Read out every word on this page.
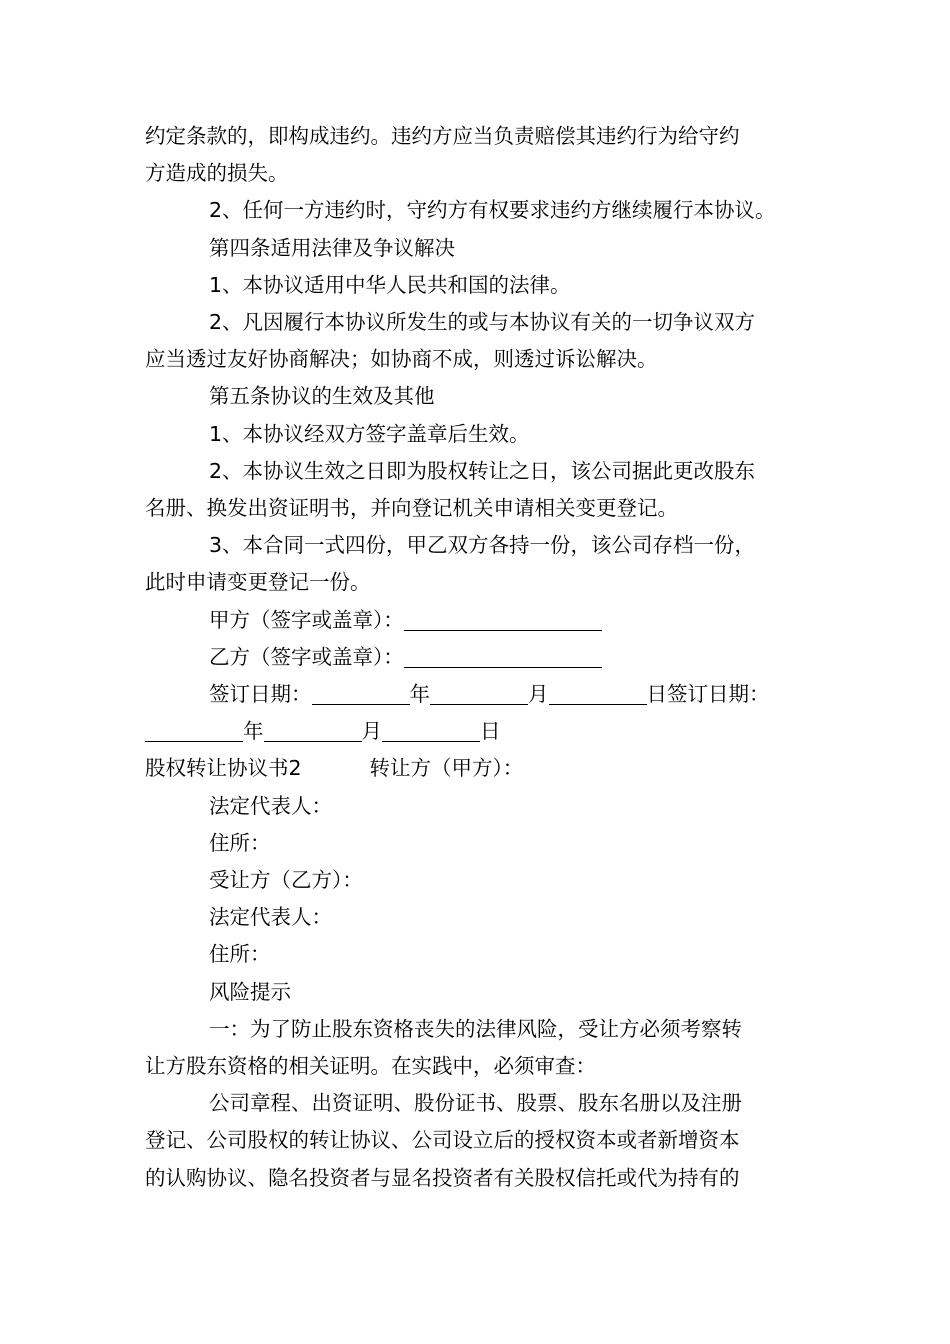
约定条款的，即构成违约。违约方应当负责赔偿其违约行为给守约

方造成的损失。

2、任何一方违约时，守约方有权要求违约方继续履行本协议。

第四条适用法律及争议解决

1、本协议适用中华人民共和国的法律。

2、凡因履行本协议所发生的或与本协议有关的一切争议双方

应当透过友好协商解决；如协商不成，则透过诉讼解决。

第五条协议的生效及其他

1、本协议经双方签字盖章后生效。

2、本协议生效之日即为股权转让之日，该公司据此更改股东

名册、换发出资证明书，并向登记机关申请相关变更登记。

3、本合同一式四份，甲乙双方各持一份，该公司存档一份，

此时申请变更登记一份。

甲方（签字或盖章）：

乙方（签字或盖章）：

签订日期：	年	月	日签订日期：

年	月	日

股权转让协议书2	转让方（甲方）：

法定代表人：

住所：

受让方（乙方）：

法定代表人：

住所：

风险提示

一：为了防止股东资格丧失的法律风险，受让方必须考察转

让方股东资格的相关证明。在实践中，必须审查：

公司章程、出资证明、股份证书、股票、股东名册以及注册

登记、公司股权的转让协议、公司设立后的授权资本或者新增资本

的认购协议、隐名投资者与显名投资者有关股权信托或代为持有的
